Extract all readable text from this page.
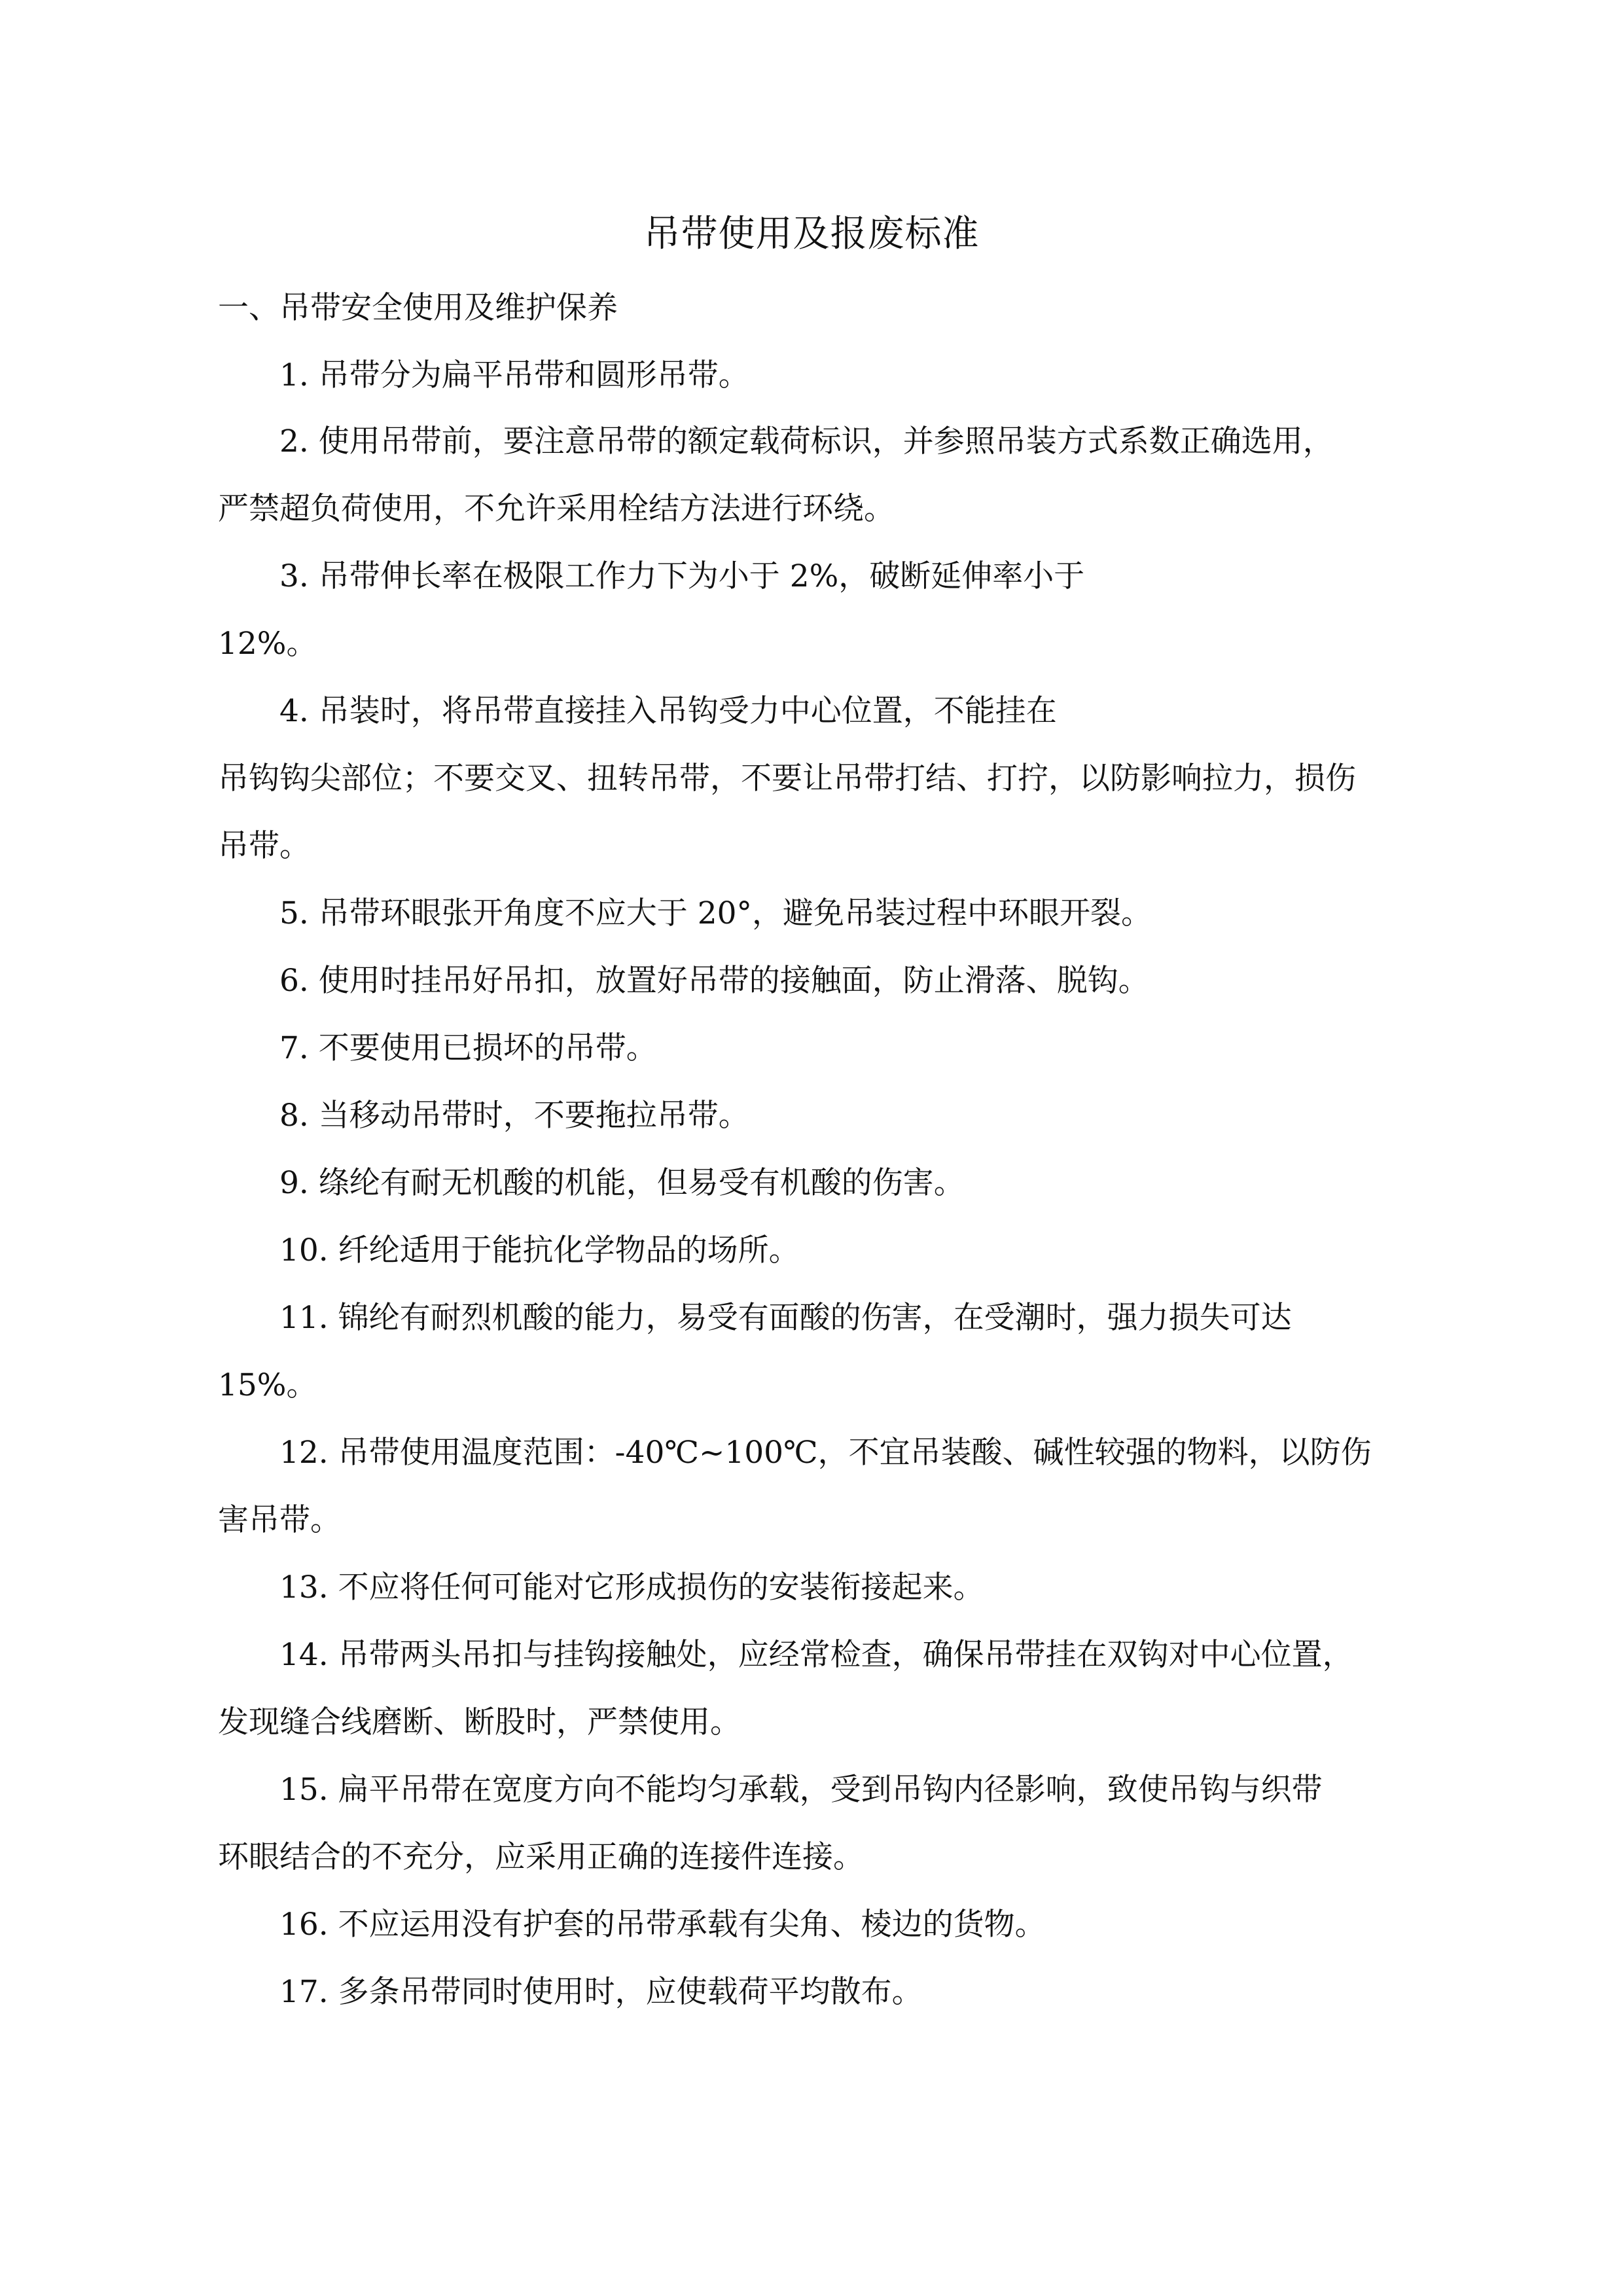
吊带使用及报废标准
一、吊带安全使用及维护保养
1. 吊带分为扁平吊带和圆形吊带。
2. 使用吊带前，要注意吊带的额定载荷标识，并参照吊装方式系数正确选用，
严禁超负荷使用，不允许采用栓结方法进行环绕。
3. 吊带伸长率在极限工作力下为小于 2%，破断延伸率小于
12%。
4. 吊装时，将吊带直接挂入吊钩受力中心位置，不能挂在
吊钩钩尖部位；不要交叉、扭转吊带，不要让吊带打结、打拧，以防影响拉力，损伤
吊带。
5. 吊带环眼张开角度不应大于 20°，避免吊装过程中环眼开裂。
6. 使用时挂吊好吊扣，放置好吊带的接触面，防止滑落、脱钩。
7. 不要使用已损坏的吊带。
8. 当移动吊带时，不要拖拉吊带。
9. 绦纶有耐无机酸的机能，但易受有机酸的伤害。
10. 纤纶适用于能抗化学物品的场所。
11. 锦纶有耐烈机酸的能力，易受有面酸的伤害，在受潮时，强力损失可达
15%。
12. 吊带使用温度范围：-40℃~100℃，不宜吊装酸、碱性较强的物料，以防伤
害吊带。
13. 不应将任何可能对它形成损伤的安装衔接起来。
14. 吊带两头吊扣与挂钩接触处，应经常检查，确保吊带挂在双钩对中心位置，
发现缝合线磨断、断股时，严禁使用。
15. 扁平吊带在宽度方向不能均匀承载，受到吊钩内径影响，致使吊钩与织带
环眼结合的不充分，应采用正确的连接件连接。
16. 不应运用没有护套的吊带承载有尖角、棱边的货物。
17. 多条吊带同时使用时，应使载荷平均散布。
